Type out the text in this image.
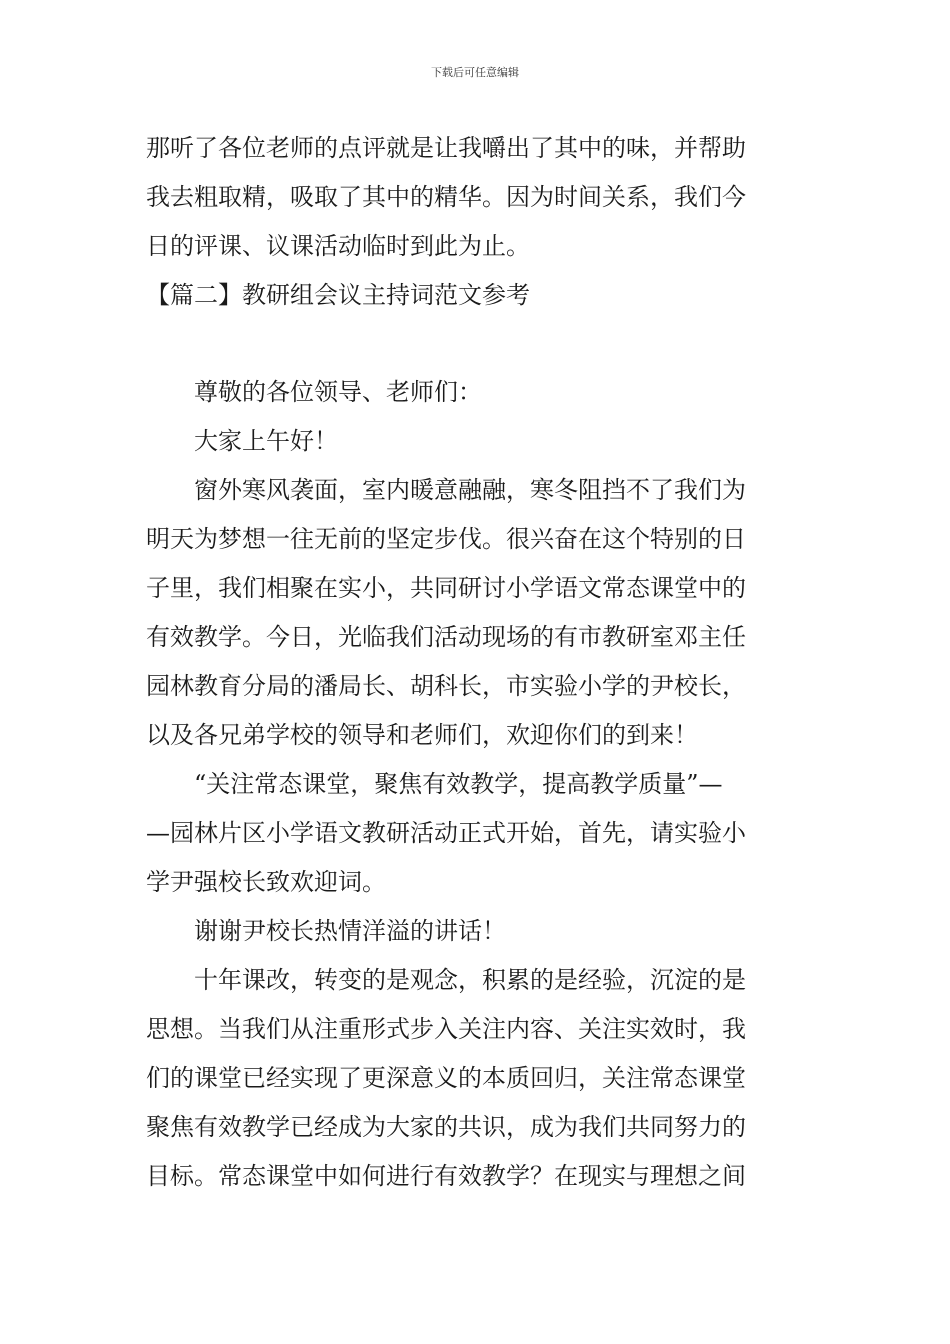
下载后可任意编辑
那听了各位老师的点评就是让我嚼出了其中的味，并帮助
我去粗取精，吸取了其中的精华。因为时间关系，我们今
日的评课、议课活动临时到此为止。
【篇二】教研组会议主持词范文参考
尊敬的各位领导、老师们：
大家上午好！
窗外寒风袭面，室内暖意融融，寒冬阻挡不了我们为
明天为梦想一往无前的坚定步伐。很兴奋在这个特别的日
子里，我们相聚在实小，共同研讨小学语文常态课堂中的
有效教学。今日，光临我们活动现场的有市教研室邓主任
园林教育分局的潘局长、胡科长，市实验小学的尹校长，
以及各兄弟学校的领导和老师们，欢迎你们的到来！
“关注常态课堂，聚焦有效教学，提高教学质量”—
—园林片区小学语文教研活动正式开始，首先，请实验小
学尹强校长致欢迎词。
谢谢尹校长热情洋溢的讲话！
十年课改，转变的是观念，积累的是经验，沉淀的是
思想。当我们从注重形式步入关注内容、关注实效时，我
们的课堂已经实现了更深意义的本质回归，关注常态课堂
聚焦有效教学已经成为大家的共识，成为我们共同努力的
目标。常态课堂中如何进行有效教学？在现实与理想之间
